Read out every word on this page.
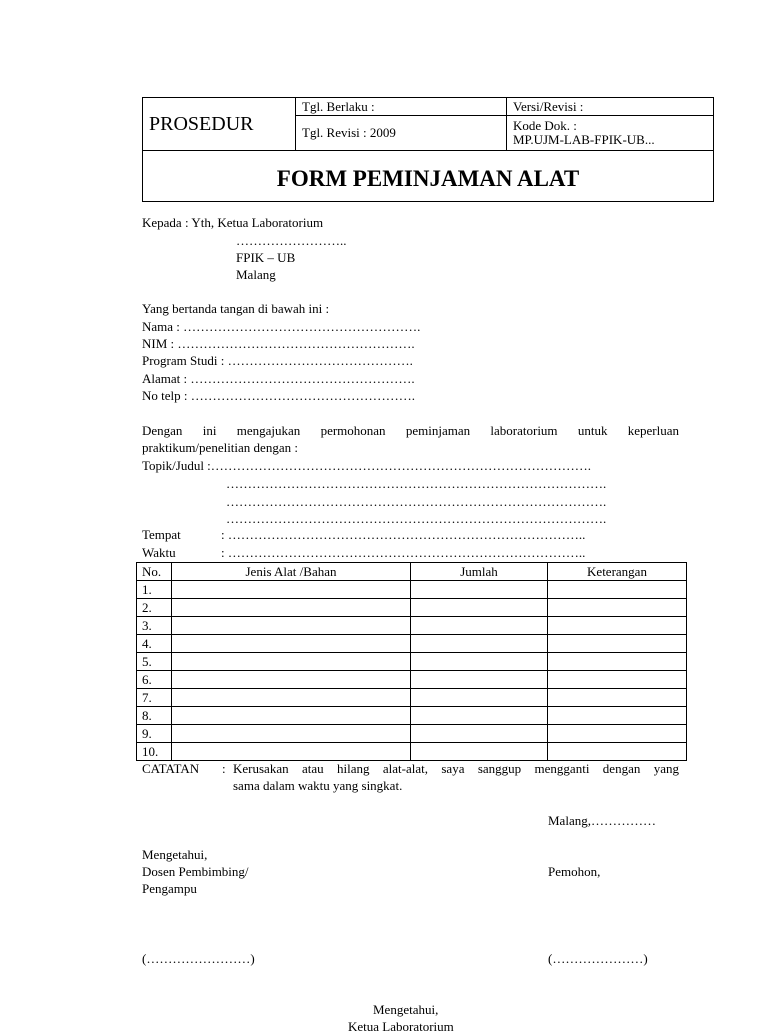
PROSEDUR	Tgl. Berlaku :	Versi/Revisi :
	Tgl. Revisi : 2009	Kode Dok. :
MP.UJM-LAB-FPIK-UB...

FORM PEMINJAMAN ALAT		
Kepada : Yth, Ketua Laboratorium
……………………..
FPIK – UB
Malang
Yang bertanda tangan di bawah ini :
Nama : ……………………………………………….
NIM : ……………………………………………….
Program Studi : …………………………………….
Alamat : …………………………………………….
No telp : …………………………………………….
Dengan ini mengajukan permohonan peminjaman laboratorium untuk keperluan
praktikum/penelitian dengan :
Topik/Judul :…………………………………………………………………………….
…………………………………………………………………………….
…………………………………………………………………………….
…………………………………………………………………………….
Tempat	: ………………………………………………………………………..
Waktu	: ………………………………………………………………………..
No.	Jenis Alat /Bahan	Jumlah	Keterangan
1.			
2.			
3.			
4.			
5.			
6.			
7.			
8.			
9.			
10.			
CATATAN : Kerusakan atau hilang alat-alat, saya sanggup mengganti dengan yang
sama dalam waktu yang singkat.
Malang,……………
Mengetahui,
Dosen Pembimbing/
Pengampu
Pemohon,
(……………………)	(…………………)
Mengetahui,
Ketua Laboratorium
